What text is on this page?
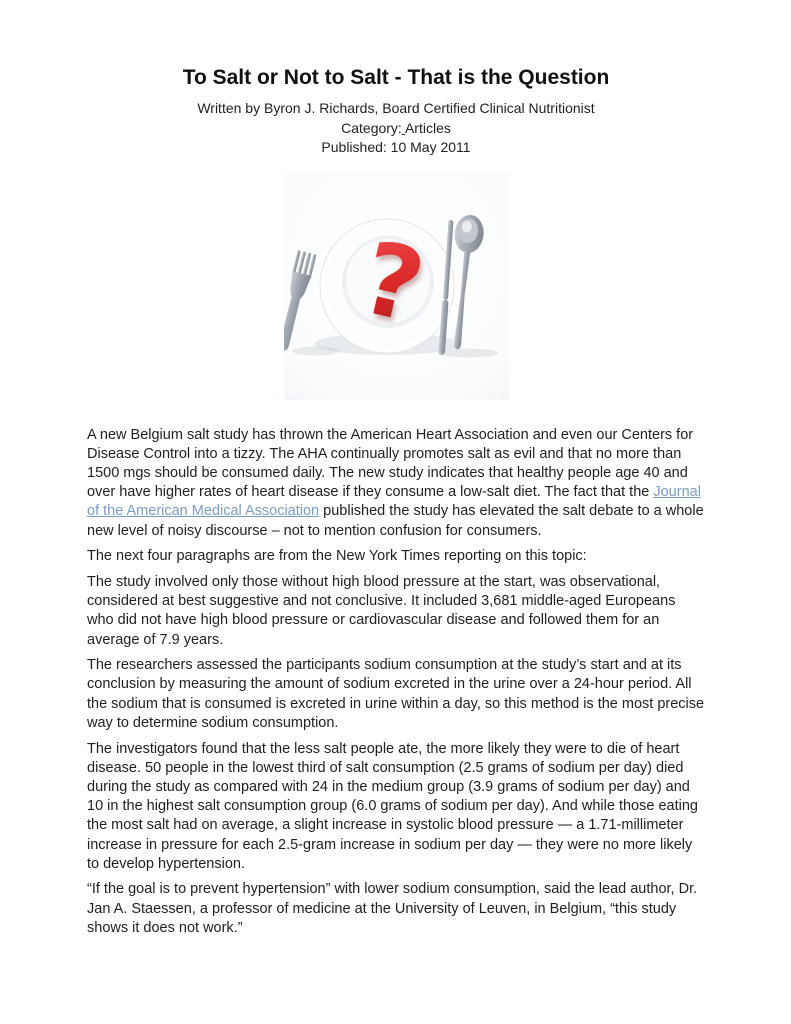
To Salt or Not to Salt - That is the Question
Written by Byron J. Richards, Board Certified Clinical Nutritionist
Category: Articles
Published: 10 May 2011
?

A new Belgium salt study has thrown the American Heart Association and even our Centers for Disease Control into a tizzy. The AHA continually promotes salt as evil and that no more than 1500 mgs should be consumed daily. The new study indicates that healthy people age 40 and over have higher rates of heart disease if they consume a low-salt diet. The fact that the Journal of the American Medical Association published the study has elevated the salt debate to a whole new level of noisy discourse – not to mention confusion for consumers.

The next four paragraphs are from the New York Times reporting on this topic:

The study involved only those without high blood pressure at the start, was observational, considered at best suggestive and not conclusive. It included 3,681 middle-aged Europeans who did not have high blood pressure or cardiovascular disease and followed them for an average of 7.9 years.

The researchers assessed the participants sodium consumption at the study’s start and at its conclusion by measuring the amount of sodium excreted in the urine over a 24-hour period. All the sodium that is consumed is excreted in urine within a day, so this method is the most precise way to determine sodium consumption.

The investigators found that the less salt people ate, the more likely they were to die of heart disease. 50 people in the lowest third of salt consumption (2.5 grams of sodium per day) died during the study as compared with 24 in the medium group (3.9 grams of sodium per day) and 10 in the highest salt consumption group (6.0 grams of sodium per day). And while those eating the most salt had on average, a slight increase in systolic blood pressure — a 1.71-millimeter increase in pressure for each 2.5-gram increase in sodium per day — they were no more likely to develop hypertension.

“If the goal is to prevent hypertension” with lower sodium consumption, said the lead author, Dr. Jan A. Staessen, a professor of medicine at the University of Leuven, in Belgium, “this study shows it does not work.”
